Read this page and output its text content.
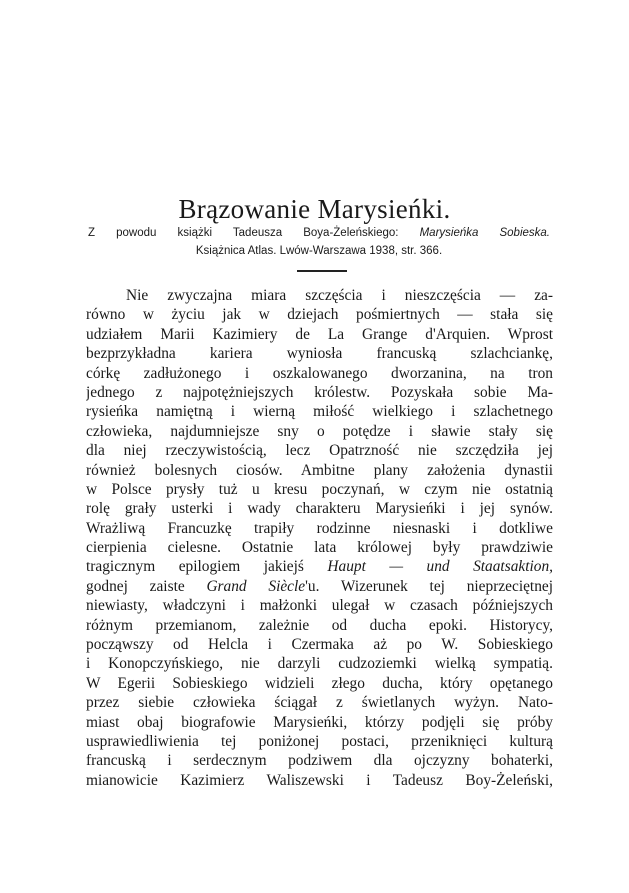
Brązowanie Marysieńki.
Z powodu książki Tadeusza Boya-Żeleńskiego: Marysieńka Sobieska.
Książnica Atlas. Lwów-Warszawa 1938, str. 366.
Nie zwyczajna miara szczęścia i nieszczęścia — za-
równo w życiu jak w dziejach pośmiertnych — stała się
udziałem Marii Kazimiery de La Grange d'Arquien. Wprost
bezprzykładna kariera wyniosła francuską szlachciankę,
córkę zadłużonego i oszkalowanego dworzanina, na tron
jednego z najpotężniejszych królestw. Pozyskała sobie Ma-
rysieńka namiętną i wierną miłość wielkiego i szlachetnego
człowieka, najdumniejsze sny o potędze i sławie stały się
dla niej rzeczywistością, lecz Opatrzność nie szczędziła jej
również bolesnych ciosów. Ambitne plany założenia dynastii
w Polsce prysły tuż u kresu poczynań, w czym nie ostatnią
rolę grały usterki i wady charakteru Marysieńki i jej synów.
Wrażliwą Francuzkę trapiły rodzinne niesnaski i dotkliwe
cierpienia cielesne. Ostatnie lata królowej były prawdziwie
tragicznym epilogiem jakiejś Haupt — und Staatsaktion,
godnej zaiste Grand Siècle'u. Wizerunek tej nieprzeciętnej
niewiasty, władczyni i małżonki ulegał w czasach późniejszych
różnym przemianom, zależnie od ducha epoki. Historycy,
począwszy od Helcla i Czermaka aż po W. Sobieskiego
i Konopczyńskiego, nie darzyli cudzoziemki wielką sympatią.
W Egerii Sobieskiego widzieli złego ducha, który opętanego
przez siebie człowieka ściągał z świetlanych wyżyn. Nato-
miast obaj biografowie Marysieńki, którzy podjęli się próby
usprawiedliwienia tej poniżonej postaci, przeniknięci kulturą
francuską i serdecznym podziwem dla ojczyzny bohaterki,
mianowicie Kazimierz Waliszewski i Tadeusz Boy-Żeleński,
